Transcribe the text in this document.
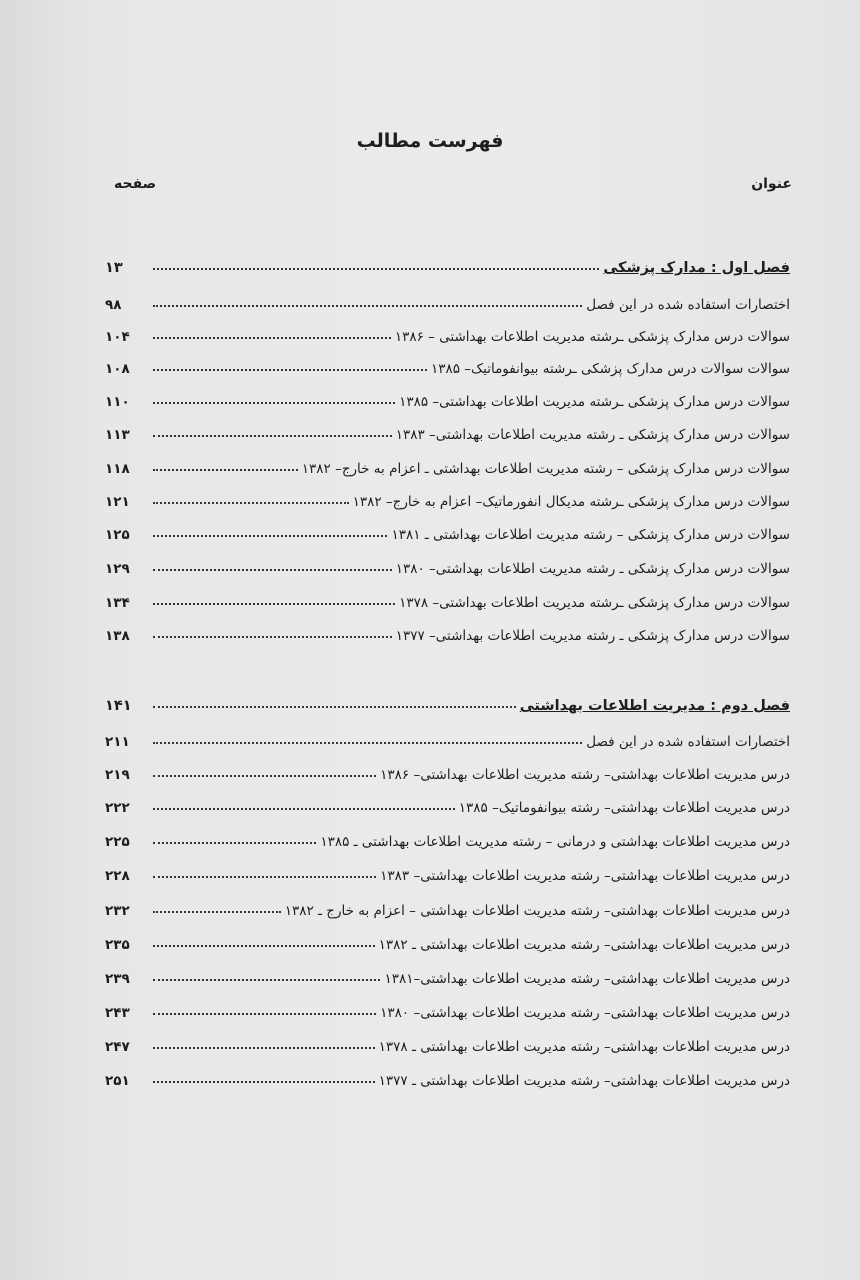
فهرست مطالب
عنوان
صفحه
فصل اول : مدارک پزشکی
۱۳
اختصارات استفاده شده در این فصل
۹۸
سوالات درس مدارک پزشکی ـرشته مدیریت اطلاعات بهداشتی – ۱۳۸۶
۱۰۴
سوالات سوالات درس مدارک پزشکی ـرشته بیوانفوماتیک– ۱۳۸۵
۱۰۸
سوالات درس مدارک پزشکی ـرشته مدیریت اطلاعات بهداشتی– ۱۳۸۵
۱۱۰
سوالات درس مدارک پزشکی ـ رشته مدیریت اطلاعات بهداشتی– ۱۳۸۳
۱۱۳
سوالات درس مدارک پزشکی – رشته مدیریت اطلاعات بهداشتی ـ اعزام به خارج– ۱۳۸۲
۱۱۸
سوالات درس مدارک پزشکی ـرشته مدیکال انفورماتیک– اعزام به خارج– ۱۳۸۲
۱۲۱
سوالات درس مدارک پزشکی – رشته مدیریت اطلاعات بهداشتی ـ ۱۳۸۱
۱۲۵
سوالات درس مدارک پزشکی ـ رشته مدیریت اطلاعات بهداشتی– ۱۳۸۰
۱۲۹
سوالات درس مدارک پزشکی ـرشته مدیریت اطلاعات بهداشتی– ۱۳۷۸
۱۳۴
سوالات درس مدارک پزشکی ـ رشته مدیریت اطلاعات بهداشتی– ۱۳۷۷
۱۳۸
فصل دوم : مدیریت اطلاعات بهداشتی
۱۴۱
اختصارات استفاده شده در این فصل
۲۱۱
درس مدیریت اطلاعات بهداشتی– رشته مدیریت اطلاعات بهداشتی– ۱۳۸۶
۲۱۹
درس مدیریت اطلاعات بهداشتی– رشته بیوانفوماتیک– ۱۳۸۵
۲۲۲
درس مدیریت اطلاعات بهداشتی و درمانی – رشته مدیریت اطلاعات بهداشتی ـ ۱۳۸۵
۲۲۵
درس مدیریت اطلاعات بهداشتی– رشته مدیریت اطلاعات بهداشتی– ۱۳۸۳
۲۲۸
درس مدیریت اطلاعات بهداشتی– رشته مدیریت اطلاعات بهداشتی – اعزام به خارج ـ ۱۳۸۲
۲۳۲
درس مدیریت اطلاعات بهداشتی– رشته مدیریت اطلاعات بهداشتی ـ ۱۳۸۲
۲۳۵
درس مدیریت اطلاعات بهداشتی– رشته مدیریت اطلاعات بهداشتی–۱۳۸۱
۲۳۹
درس مدیریت اطلاعات بهداشتی– رشته مدیریت اطلاعات بهداشتی– ۱۳۸۰
۲۴۳
درس مدیریت اطلاعات بهداشتی– رشته مدیریت اطلاعات بهداشتی ـ ۱۳۷۸
۲۴۷
درس مدیریت اطلاعات بهداشتی– رشته مدیریت اطلاعات بهداشتی ـ ۱۳۷۷
۲۵۱
